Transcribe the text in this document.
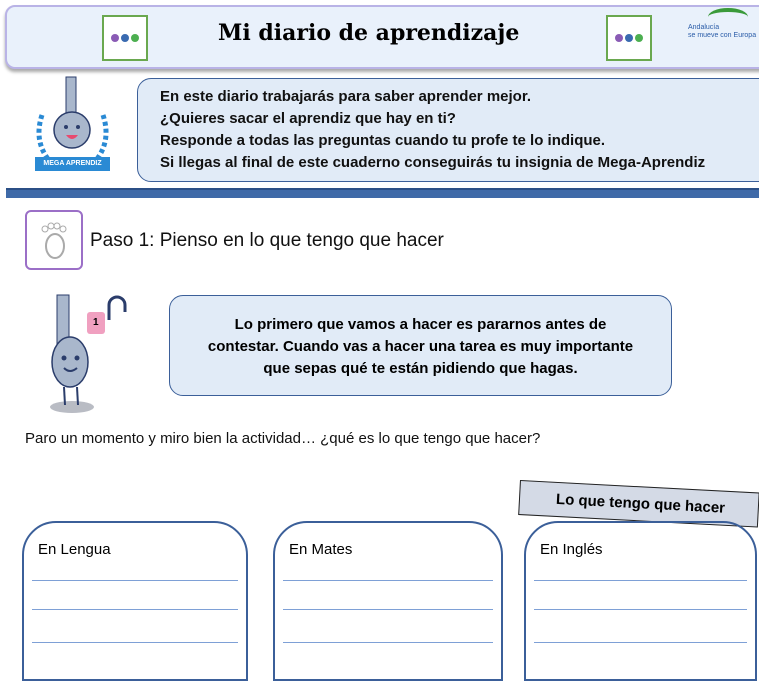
Mi diario de aprendizaje	Andalucía
se mueve con Europa
MEGA APRENDIZ
En este diario trabajarás para saber aprender mejor.
¿Quieres sacar el aprendiz que hay en ti?
Responde a todas las preguntas cuando tu profe te lo indique.
Si llegas al final de este cuaderno conseguirás tu insignia de Mega-Aprendiz
Paso 1: Pienso en lo que tengo que hacer
1	Lo primero que vamos a hacer es pararnos antes de
contestar. Cuando vas a hacer una tarea es muy importante
que sepas qué te están pidiendo que hagas.
Paro un momento y miro bien la actividad… ¿qué es lo que tengo que hacer?
Lo que tengo que hacer
En Lengua	En Mates	En Inglés
